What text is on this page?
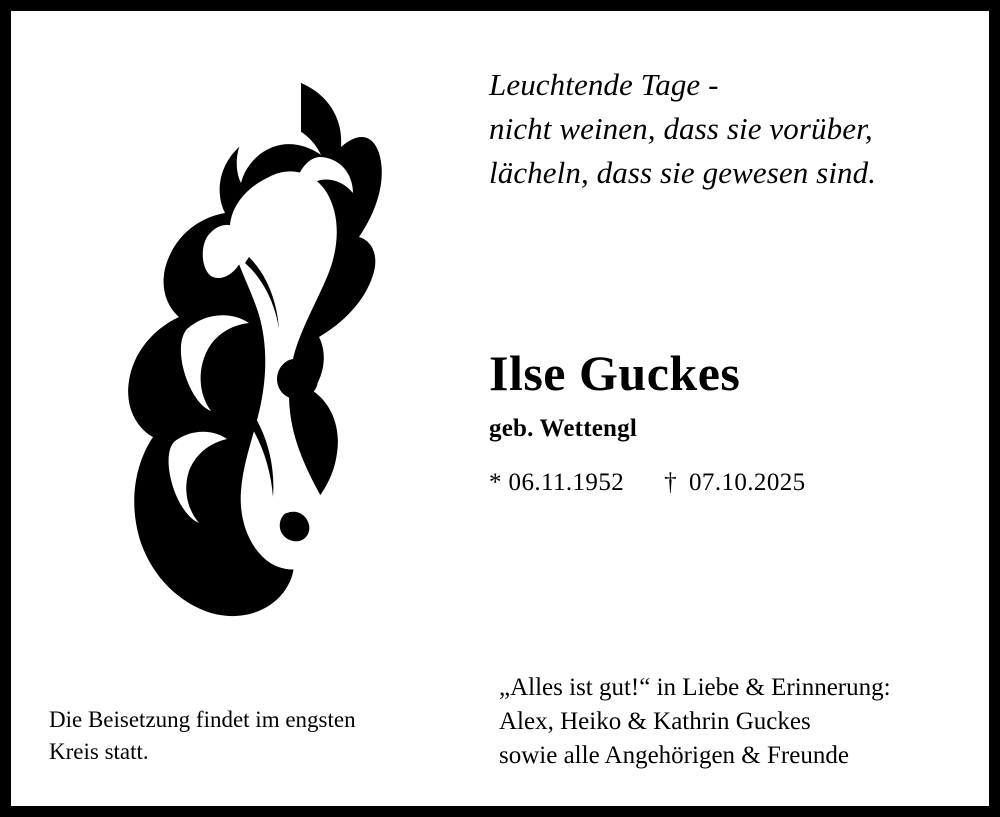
Leuchtende Tage -
nicht weinen, dass sie vorüber,
lächeln, dass sie gewesen sind.
Ilse Guckes
geb. Wettengl
* 06.11.1952 † 07.10.2025
„Alles ist gut!“ in Liebe & Erinnerung:
Alex, Heiko & Kathrin Guckes
sowie alle Angehörigen & Freunde
Die Beisetzung findet im engsten
Kreis statt.
